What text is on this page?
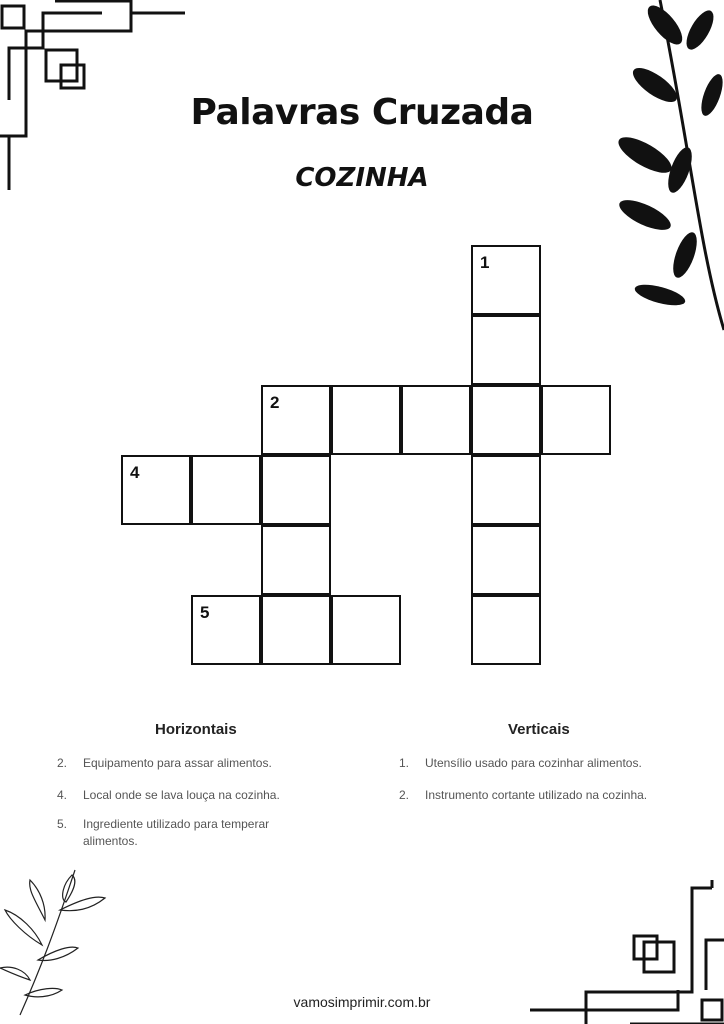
Palavras Cruzada
COZINHA
1
2
4
5
Horizontais	Verticais
2. Equipamento para assar alimentos.
4. Local onde se lava louça na cozinha.
5. Ingrediente utilizado para temperar alimentos.
1. Utensílio usado para cozinhar alimentos.
2. Instrumento cortante utilizado na cozinha.
vamosimprimir.com.br
